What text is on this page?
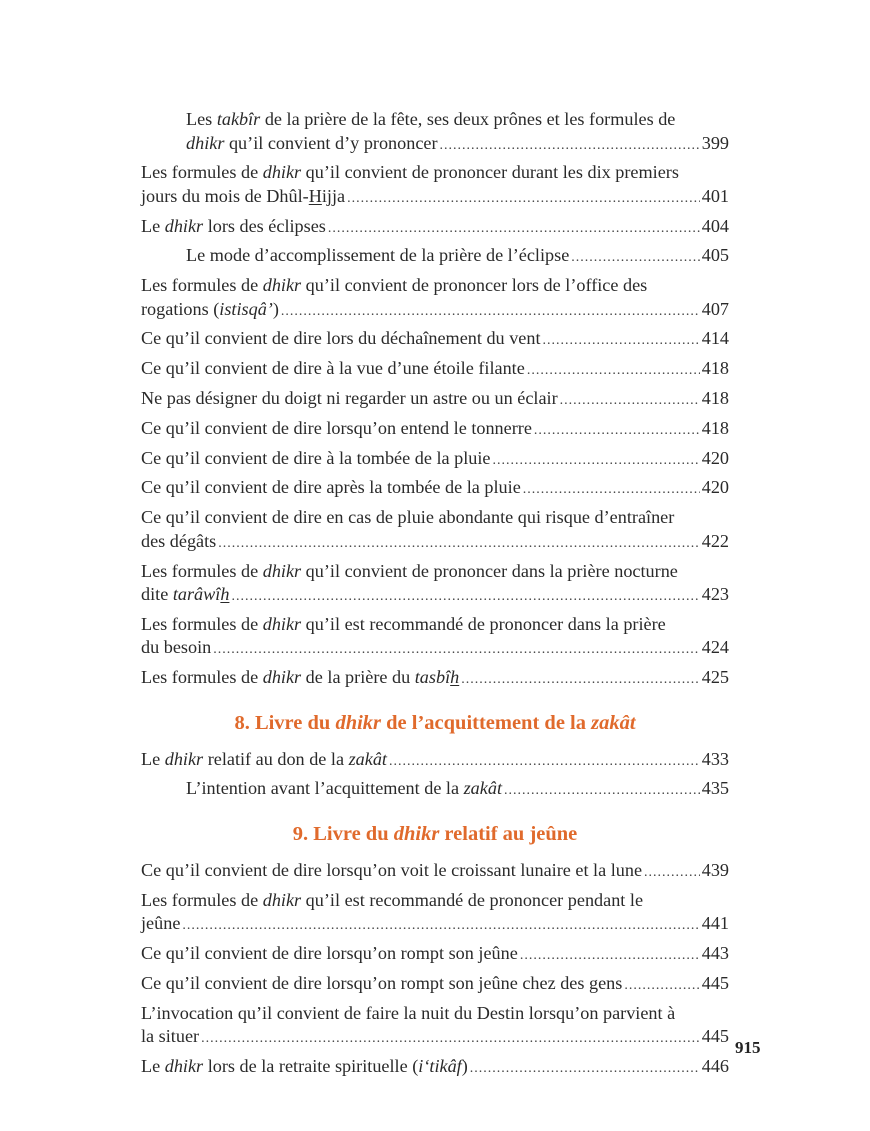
Les takbîr de la prière de la fête, ses deux prônes et les formules de
dhikr qu’il convient d’y prononcer .....	399
Les formules de dhikr qu’il convient de prononcer durant les dix premiers
jours du mois de Dhûl-Hijja .....	401
Le dhikr lors des éclipses .....	404
Le mode d’accomplissement de la prière de l’éclipse .....	405
Les formules de dhikr qu’il convient de prononcer lors de l’office des
rogations (istisqâ’) .....	407
Ce qu’il convient de dire lors du déchaînement du vent .....	414
Ce qu’il convient de dire à la vue d’une étoile filante .....	418
Ne pas désigner du doigt ni regarder un astre ou un éclair .....	418
Ce qu’il convient de dire lorsqu’on entend le tonnerre .....	418
Ce qu’il convient de dire à la tombée de la pluie .....	420
Ce qu’il convient de dire après la tombée de la pluie .....	420
Ce qu’il convient de dire en cas de pluie abondante qui risque d’entraîner
des dégâts .....	422
Les formules de dhikr qu’il convient de prononcer dans la prière nocturne
dite tarâwîh .....	423
Les formules de dhikr qu’il est recommandé de prononcer dans la prière
du besoin .....	424
Les formules de dhikr de la prière du tasbîh .....	425
8. Livre du dhikr de l’acquittement de la zakât
Le dhikr relatif au don de la zakât .....	433
L’intention avant l’acquittement de la zakât .....	435
9. Livre du dhikr relatif au jeûne
Ce qu’il convient de dire lorsqu’on voit le croissant lunaire et la lune .....	439
Les formules de dhikr qu’il est recommandé de prononcer pendant le
jeûne .....	441
Ce qu’il convient de dire lorsqu’on rompt son jeûne .....	443
Ce qu’il convient de dire lorsqu’on rompt son jeûne chez des gens .....	445
L’invocation qu’il convient de faire la nuit du Destin lorsqu’on parvient à
la situer .....	445
Le dhikr lors de la retraite spirituelle (i‘tikâf) .....	446
915
